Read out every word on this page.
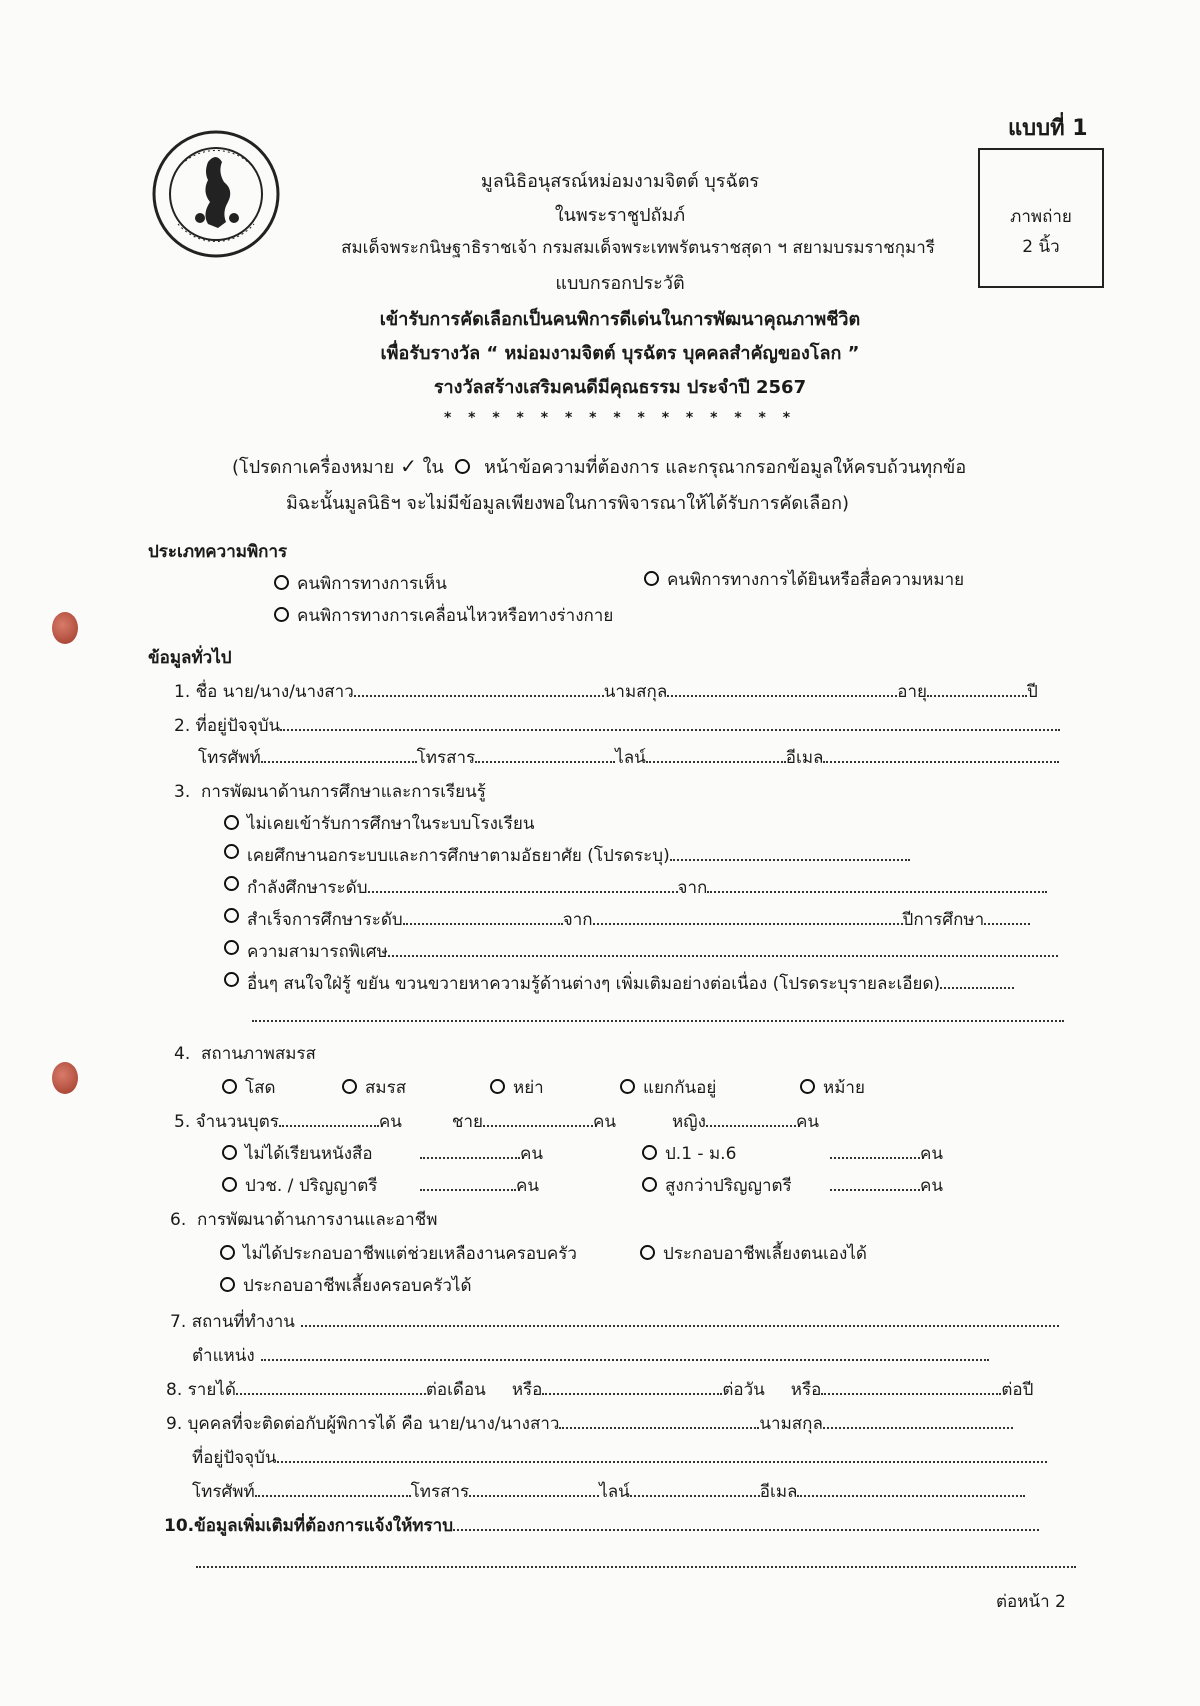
แบบที่ 1
ภาพถ่าย
2 นิ้ว
มูลนิธิอนุสรณ์หม่อมงามจิตต์ บุรฉัตร
ในพระราชูปถัมภ์
สมเด็จพระกนิษฐาธิราชเจ้า กรมสมเด็จพระเทพรัตนราชสุดา ฯ สยามบรมราชกุมารี
แบบกรอกประวัติ
เข้ารับการคัดเลือกเป็นคนพิการดีเด่นในการพัฒนาคุณภาพชีวิต
เพื่อรับรางวัล “ หม่อมงามจิตต์ บุรฉัตร บุคคลสำคัญของโลก ”
รางวัลสร้างเสริมคนดีมีคุณธรรม ประจำปี 2567
* * * * * * * * * * * * * * *
(โปรดกาเครื่องหมาย ✓ ใน หน้าข้อความที่ต้องการ และกรุณากรอกข้อมูลให้ครบถ้วนทุกข้อ
มิฉะนั้นมูลนิธิฯ จะไม่มีข้อมูลเพียงพอในการพิจารณาให้ได้รับการคัดเลือก)
ประเภทความพิการ
คนพิการทางการเห็น	คนพิการทางการได้ยินหรือสื่อความหมาย
คนพิการทางการเคลื่อนไหวหรือทางร่างกาย
ข้อมูลทั่วไป
1.
ชื่อ นาย/นาง/นางสาว	นามสกุล	อายุ	ปี
2.
ที่อยู่ปัจจุบัน
โทรศัพท์	โทรสาร	ไลน์	อีเมล
3. การพัฒนาด้านการศึกษาและการเรียนรู้
ไม่เคยเข้ารับการศึกษาในระบบโรงเรียน
เคยศึกษานอกระบบและการศึกษาตามอัธยาศัย (โปรดระบุ)
กำลังศึกษาระดับ	จาก
สำเร็จการศึกษาระดับ	จาก	ปีการศึกษา
ความสามารถพิเศษ
อื่นๆ สนใจใฝ่รู้ ขยัน ขวนขวายหาความรู้ด้านต่างๆ เพิ่มเติมอย่างต่อเนื่อง (โปรดระบุรายละเอียด)
4. สถานภาพสมรส
โสด	สมรส	หย่า	แยกกันอยู่	หม้าย
5.
จำนวนบุตร	คน	ชาย	คน	หญิง	คน
ไม่ได้เรียนหนังสือ	คน	ป.1 - ม.6	คน
ปวช. / ปริญญาตรี	คน	สูงกว่าปริญญาตรี	คน
6. การพัฒนาด้านการงานและอาชีพ
ไม่ได้ประกอบอาชีพแต่ช่วยเหลืองานครอบครัว	ประกอบอาชีพเลี้ยงตนเองได้
ประกอบอาชีพเลี้ยงครอบครัวได้
7.
สถานที่ทำงาน
ตำแหน่ง
8.
รายได้	ต่อเดือน หรือ	ต่อวัน หรือ	ต่อปี
9.
บุคคลที่จะติดต่อกับผู้พิการได้ คือ นาย/นาง/นางสาว	นามสกุล
ที่อยู่ปัจจุบัน
โทรศัพท์	โทรสาร	ไลน์	อีเมล
10. ข้อมูลเพิ่มเติมที่ต้องการแจ้งให้ทราบ
ต่อหน้า 2
